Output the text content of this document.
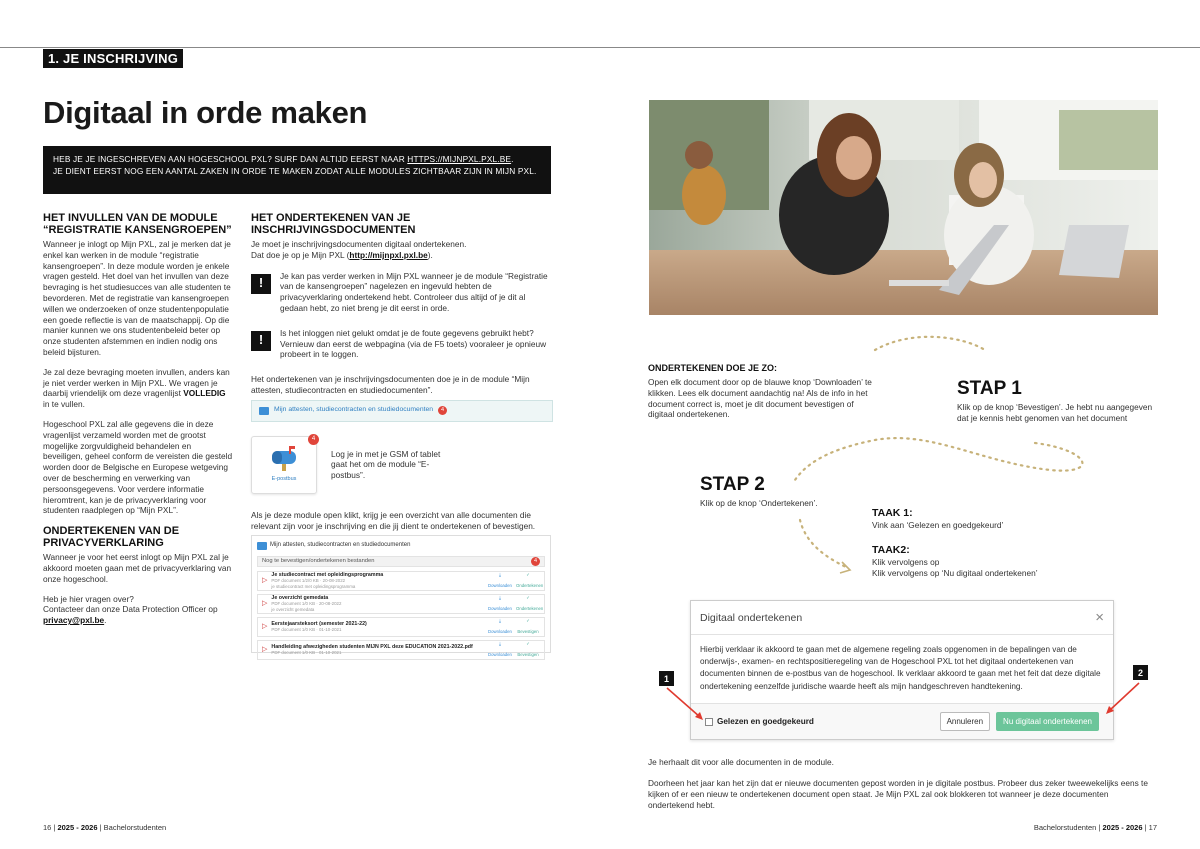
1. JE INSCHRIJVING
Digitaal in orde maken
HEB JE JE INGESCHREVEN AAN HOGESCHOOL PXL? SURF DAN ALTIJD EERST NAAR HTTPS://MIJNPXL.PXL.BE.
JE DIENT EERST NOG EEN AANTAL ZAKEN IN ORDE TE MAKEN ZODAT ALLE MODULES ZICHTBAAR ZIJN IN MIJN PXL.
HET INVULLEN VAN DE MODULE “REGISTRATIE KANSENGROEPEN”

Wanneer je inlogt op Mijn PXL, zal je merken dat je enkel kan werken in de module “registratie kansengroepen”. In deze module worden je enkele vragen gesteld. Het doel van het invullen van deze bevraging is het studiesucces van alle studenten te bevorderen. Met de registratie van kansengroepen willen we onderzoeken of onze studentenpopulatie een goede reflectie is van de maatschappij. Op die manier kunnen we ons studentenbeleid beter op onze studenten afstemmen en indien nodig ons beleid bijsturen.

Je zal deze bevraging moeten invullen, anders kan je niet verder werken in Mijn PXL. We vragen je daarbij vriendelijk om deze vragenlijst VOLLEDIG in te vullen.

Hogeschool PXL zal alle gegevens die in deze vragenlijst verzameld worden met de grootst mogelijke zorgvuldigheid behandelen en beveiligen, geheel conform de vereisten die gesteld worden door de Belgische en Europese wetgeving over de bescherming en verwerking van persoonsgegevens. Voor verdere informatie hieromtrent, kan je de privacyverklaring voor studenten raadplegen op “Mijn PXL”.

ONDERTEKENEN VAN DE PRIVACYVERKLARING

Wanneer je voor het eerst inlogt op Mijn PXL zal je akkoord moeten gaan met de privacyverklaring van onze hogeschool.

Heb je hier vragen over?
Contacteer dan onze Data Protection Officer op
privacy@pxl.be.

HET ONDERTEKENEN VAN JE INSCHRIJVINGSDOCUMENTEN

Je moet je inschrijvingsdocumenten digitaal ondertekenen.
Dat doe je op je Mijn PXL (http://mijnpxl.pxl.be).

!	Je kan pas verder werken in Mijn PXL wanneer je de module “Registratie van de kansengroepen” nagelezen en ingevuld hebten de privacyverklaring ondertekend hebt. Controleer dus altijd of je dit al gedaan hebt, zo niet breng je dit eerst in orde.
!	Is het inloggen niet gelukt omdat je de foute gegevens gebruikt hebt? Vernieuw dan eerst de webpagina (via de F5 toets) vooraleer je opnieuw probeert in te loggen.

Het ondertekenen van je inschrijvingsdocumenten doe je in de module “Mijn attesten, studiecontracten en studiedocumenten”.

Mijn attesten, studiecontracten en studiedocumenten	4
4
E-postbus
Log je in met je GSM of tablet gaat het om de module “E-postbus”.

Als je deze module open klikt, krijg je een overzicht van alle documenten die relevant zijn voor je inschrijving en die jij dient te ondertekenen of bevestigen.

Mijn attesten, studiecontracten en studiedocumenten
Nog te bevestigen/ondertekenen bestanden	4
▷
Je studiecontract met opleidingsprogramma
PDF document 1/2/0 KB · 20-08-2022
je studiecontract met opleidingsprogramma
⤓
Downloaden
✓
Ondertekenen
▷
Je overzicht gemedata
PDF document 1/0 KB · 20-08-2022
je overzicht gemedata
⤓
Downloaden
✓
Ondertekenen
▷ Eerstejaarsteksort (semester 2021-22)
PDF document 1/0 KB · 01-10-2021
⤓
Downloaden
✓
Bevestigen
▷ Handleiding afwezigheden studenten MIJN PXL deze EDUCATION 2021-2022.pdf
PDF document 1/0 KB · 01-10-2021
⤓
Downloaden
✓
Bevestigen
ONDERTEKENEN DOE JE ZO:
Open elk document door op de blauwe knop ‘Downloaden’ te klikken. Lees elk document aandachtig na! Als de info in het document correct is, moet je dit document bevestigen of digitaal ondertekenen.
STAP 1
Klik op de knop ‘Bevestigen’. Je hebt nu aangegeven dat je kennis hebt genomen van het document
STAP 2
Klik op de knop ‘Ondertekenen’.
TAAK 1:
Vink aan ‘Gelezen en goedgekeurd’
TAAK2:
Klik vervolgens op
Klik vervolgens op ‘Nu digitaal ondertekenen’
Digitaal ondertekenen	×
Hierbij verklaar ik akkoord te gaan met de algemene regeling zoals opgenomen in de bepalingen van de onderwijs-, examen- en rechtspositieregeling van de Hogeschool PXL tot het digitaal ondertekenen van documenten binnen de e-postbus van de hogeschool. Ik verklaar akkoord te gaan met het feit dat deze digitale ondertekening eenzelfde juridische waarde heeft als mijn handgeschreven handtekening.
Gelezen en goedgekeurd	Annuleren	Nu digitaal ondertekenen
1
2
Je herhaalt dit voor alle documenten in de module.
Doorheen het jaar kan het zijn dat er nieuwe documenten gepost worden in je digitale postbus. Probeer dus zeker tweewekelijks eens te kijken of er een nieuw te ondertekenen document open staat. Je Mijn PXL zal ook blokkeren tot wanneer je deze documenten ondertekend hebt.
16 | 2025 - 2026 | Bachelorstudenten	Bachelorstudenten | 2025 - 2026 | 17
